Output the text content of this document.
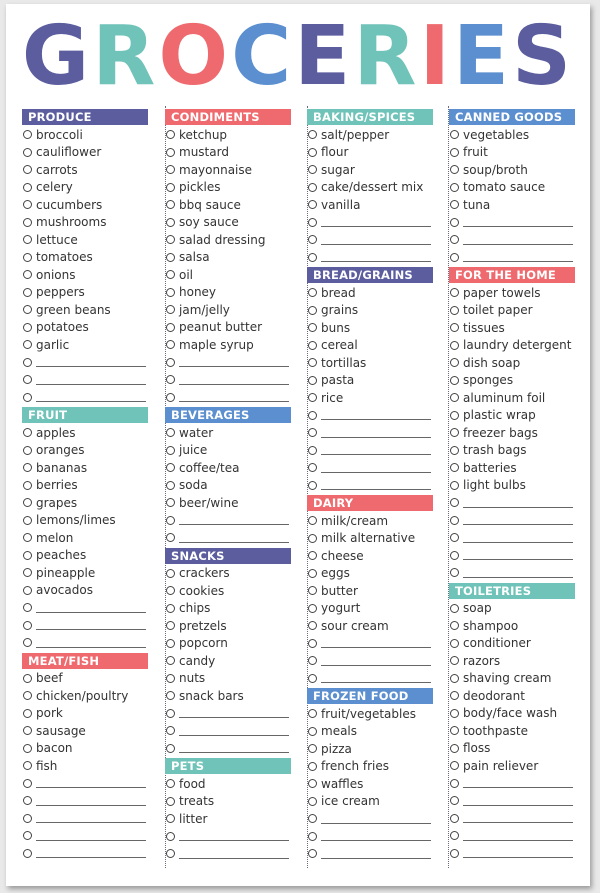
G R O C E R I E S
PRODUCE
broccoli
cauliflower
carrots
celery
cucumbers
mushrooms
lettuce
tomatoes
onions
peppers
green beans
potatoes
garlic
FRUIT
apples
oranges
bananas
berries
grapes
lemons/limes
melon
peaches
pineapple
avocados
MEAT/FISH
beef
chicken/poultry
pork
sausage
bacon
fish
CONDIMENTS
ketchup
mustard
mayonnaise
pickles
bbq sauce
soy sauce
salad dressing
salsa
oil
honey
jam/jelly
peanut butter
maple syrup
BEVERAGES
water
juice
coffee/tea
soda
beer/wine
SNACKS
crackers
cookies
chips
pretzels
popcorn
candy
nuts
snack bars
PETS
food
treats
litter
BAKING/SPICES
salt/pepper
flour
sugar
cake/dessert mix
vanilla
BREAD/GRAINS
bread
grains
buns
cereal
tortillas
pasta
rice
DAIRY
milk/cream
milk alternative
cheese
eggs
butter
yogurt
sour cream
FROZEN FOOD
fruit/vegetables
meals
pizza
french fries
waffles
ice cream
CANNED GOODS
vegetables
fruit
soup/broth
tomato sauce
tuna
FOR THE HOME
paper towels
toilet paper
tissues
laundry detergent
dish soap
sponges
aluminum foil
plastic wrap
freezer bags
trash bags
batteries
light bulbs
TOILETRIES
soap
shampoo
conditioner
razors
shaving cream
deodorant
body/face wash
toothpaste
floss
pain reliever
